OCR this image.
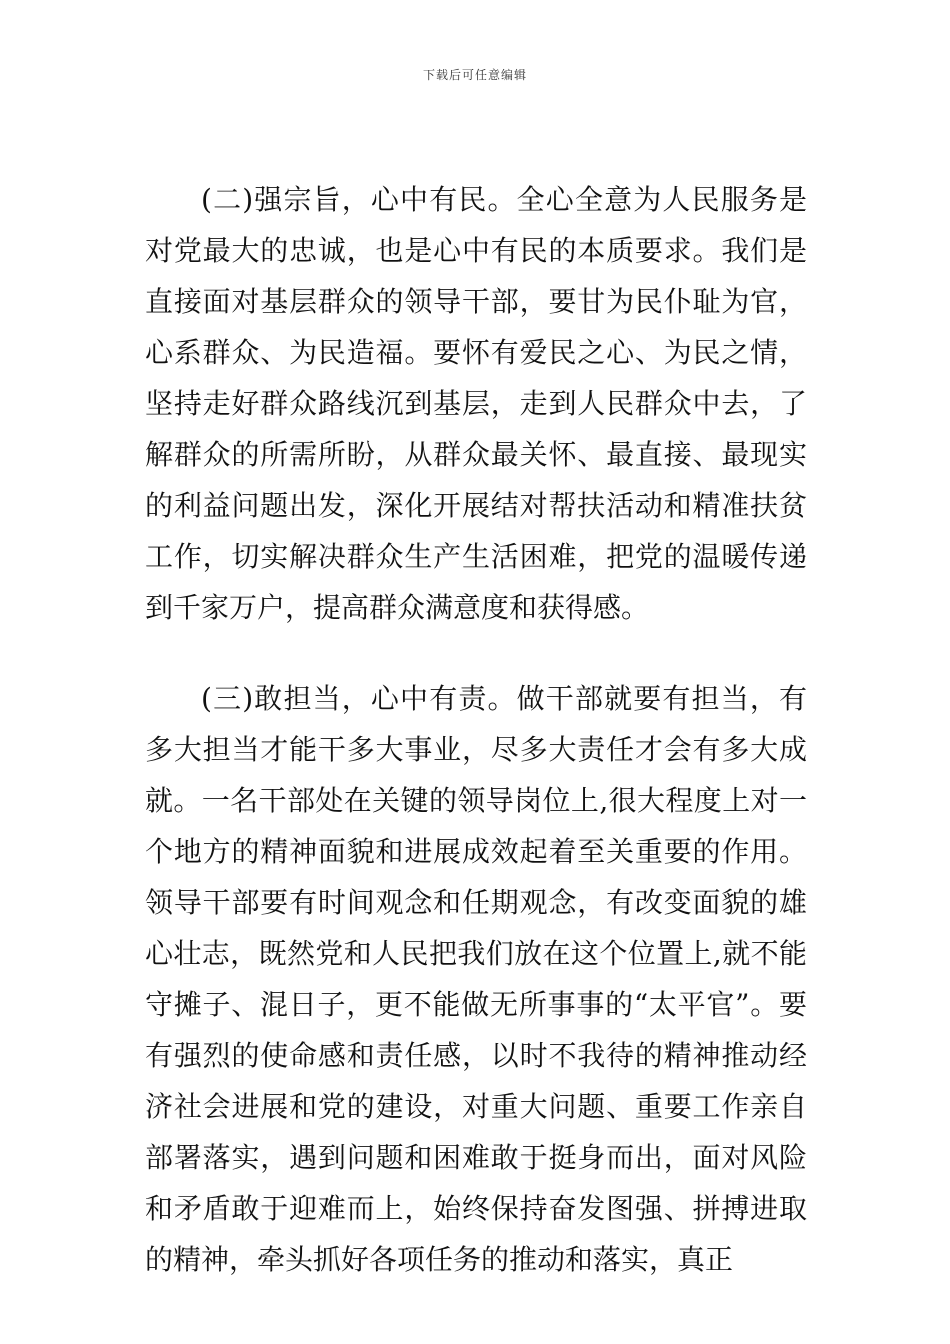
下载后可任意编辑

(二)强宗旨，心中有民。全心全意为人民服务是对党最大的忠诚，也是心中有民的本质要求。我们是直接面对基层群众的领导干部，要甘为民仆耻为官，心系群众、为民造福。要怀有爱民之心、为民之情，坚持走好群众路线沉到基层，走到人民群众中去，了解群众的所需所盼，从群众最关怀、最直接、最现实的利益问题出发，深化开展结对帮扶活动和精准扶贫工作，切实解决群众生产生活困难，把党的温暖传递到千家万户，提高群众满意度和获得感。

(三)敢担当，心中有责。做干部就要有担当，有多大担当才能干多大事业，尽多大责任才会有多大成就。一名干部处在关键的领导岗位上,很大程度上对一个地方的精神面貌和进展成效起着至关重要的作用。领导干部要有时间观念和任期观念，有改变面貌的雄心壮志，既然党和人民把我们放在这个位置上,就不能守摊子、混日子，更不能做无所事事的“太平官”。要有强烈的使命感和责任感，以时不我待的精神推动经济社会进展和党的建设，对重大问题、重要工作亲自部署落实，遇到问题和困难敢于挺身而出，面对风险和矛盾敢于迎难而上，始终保持奋发图强、拼搏进取的精神，牵头抓好各项任务的推动和落实，真正
